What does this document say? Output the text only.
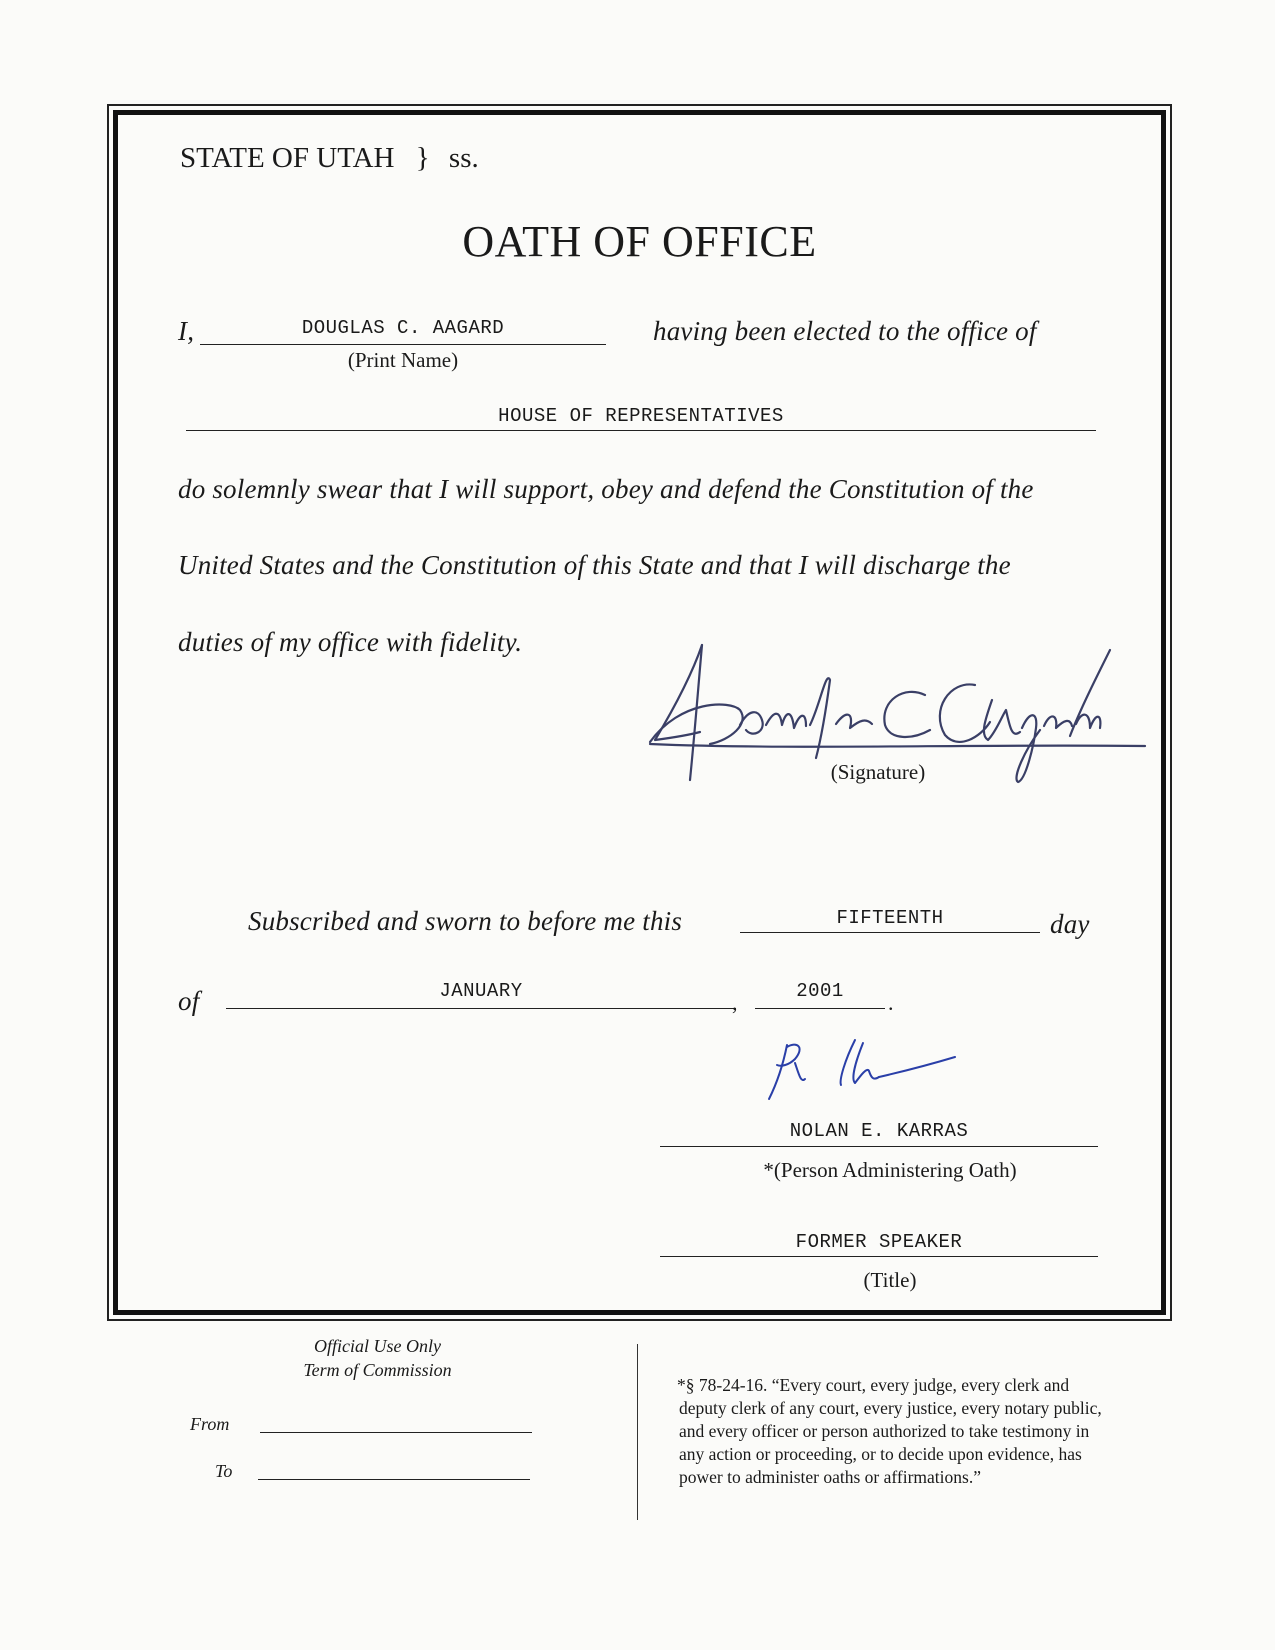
STATE OF UTAH } ss.
OATH OF OFFICE
I,	DOUGLAS C. AAGARD
(Print Name)
having been elected to the office of
HOUSE OF REPRESENTATIVES
do solemnly swear that I will support, obey and defend the Constitution of the
United States and the Constitution of this State and that I will discharge the
duties of my office with fidelity.
(Signature)
Subscribed and sworn to before me this	FIFTEENTH	day
of	JANUARY	,	2001	.
NOLAN E. KARRAS
*(Person Administering Oath)
FORMER SPEAKER
(Title)
Official Use Only
Term of Commission
From
To
*§ 78-24-16. “Every court, every judge, every clerk and
deputy clerk of any court, every justice, every notary public,
and every officer or person authorized to take testimony in
any action or proceeding, or to decide upon evidence, has
power to administer oaths or affirmations.”
